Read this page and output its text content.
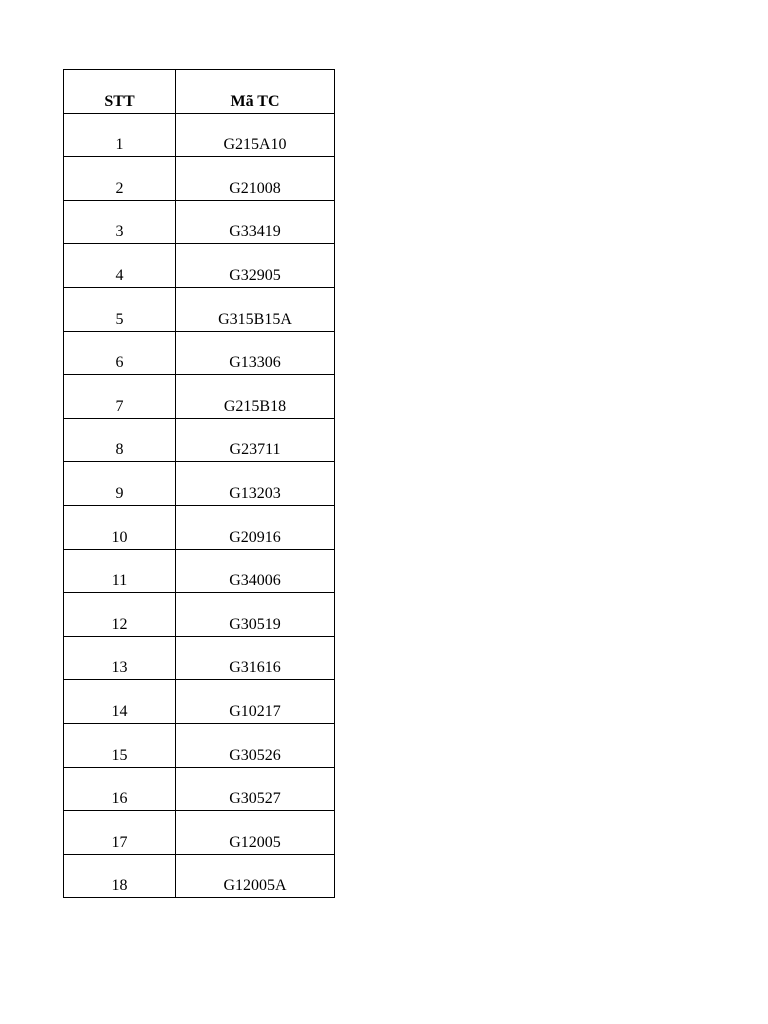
STT	Mã TC

1	G215A10

2	G21008

3	G33419

4	G32905

5	G315B15A

6	G13306

7	G215B18

8	G23711

9	G13203

10	G20916

11	G34006

12	G30519

13	G31616

14	G10217

15	G30526

16	G30527

17	G12005

18	G12005A
